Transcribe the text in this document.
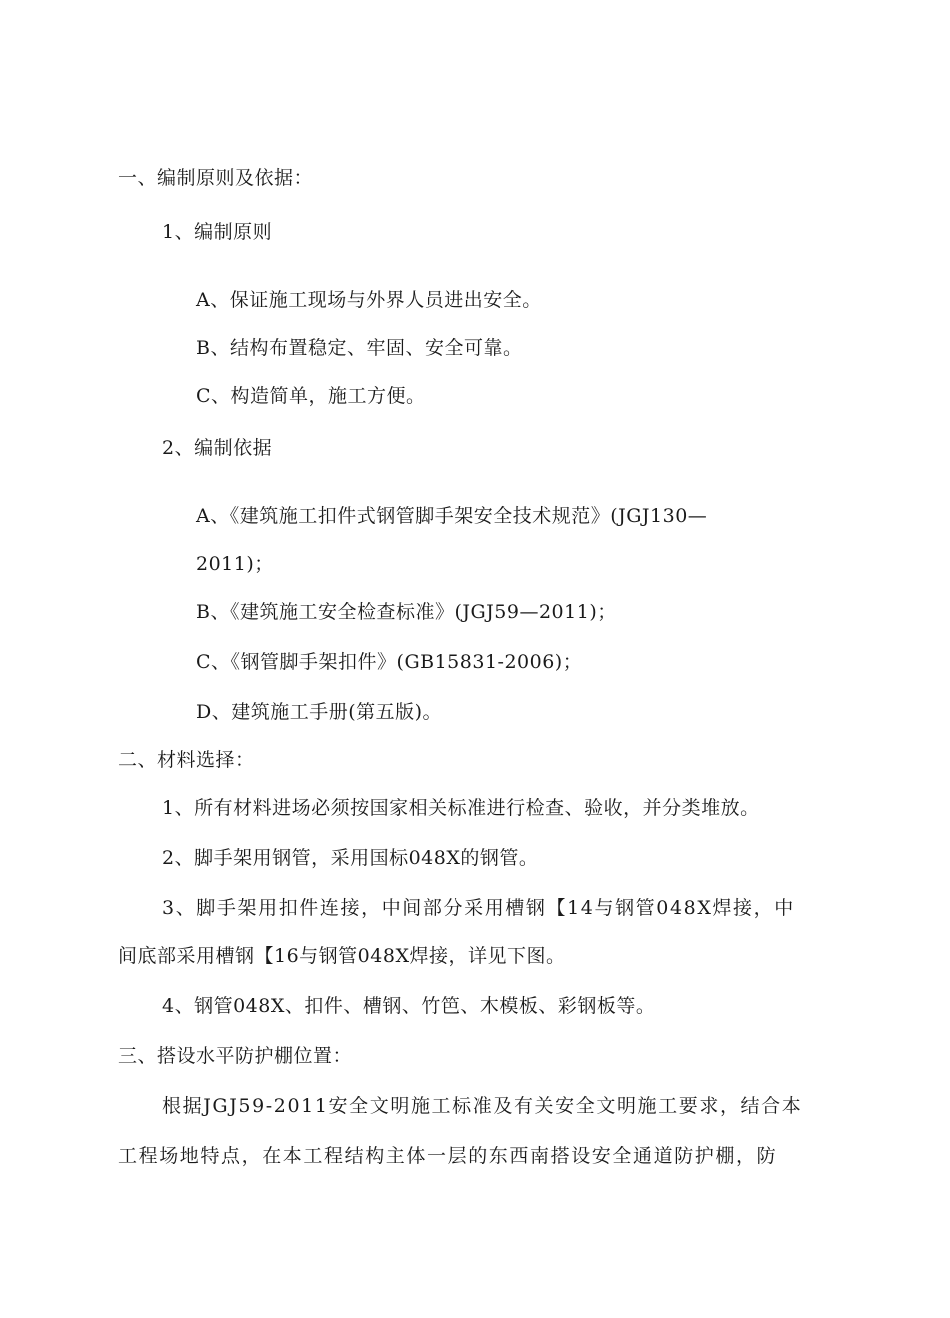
一、编制原则及依据：
1、编制原则
A、保证施工现场与外界人员进出安全。
B、结构布置稳定、牢固、安全可靠。
C、构造简单，施工方便。
2、编制依据
A、《建筑施工扣件式钢管脚手架安全技术规范》(JGJ130—
2011)；
B、《建筑施工安全检查标准》(JGJ59—2011)；
C、《钢管脚手架扣件》(GB15831-2006)；
D、建筑施工手册(第五版)。
二、材料选择：
1、所有材料进场必须按国家相关标准进行检查、验收，并分类堆放。
2、脚手架用钢管，采用国标048X的钢管。
3、脚手架用扣件连接，中间部分采用槽钢【14与钢管048X焊接，中
间底部采用槽钢【16与钢管048X焊接，详见下图。
4、钢管048X、扣件、槽钢、竹笆、木模板、彩钢板等。
三、搭设水平防护棚位置：
根据JGJ59-2011安全文明施工标准及有关安全文明施工要求，结合本
工程场地特点，在本工程结构主体一层的东西南搭设安全通道防护棚，防
